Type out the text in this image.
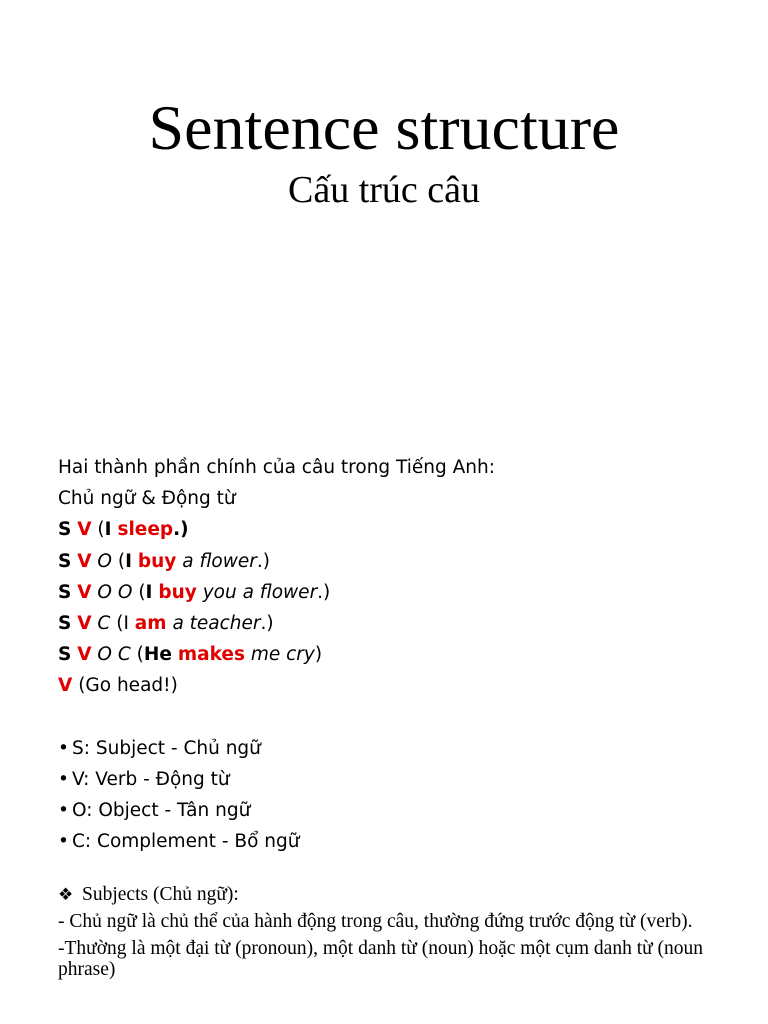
Sentence structure
Cấu trúc câu
Hai thành phần chính của câu trong Tiếng Anh:
Chủ ngữ & Động từ
S V (I sleep.)
S V O (I buy a flower.)
S V O O (I buy you a flower.)
S V C (I am a teacher.)
S V O C (He makes me cry)
V (Go head!)
• S: Subject - Chủ ngữ
• V: Verb - Động từ
• O: Object - Tân ngữ
• C: Complement - Bổ ngữ
❖ Subjects (Chủ ngữ):
- Chủ ngữ là chủ thể của hành động trong câu, thường đứng trước động từ (verb).
-Thường là một đại từ (pronoun), một danh từ (noun) hoặc một cụm danh từ (noun phrase)
